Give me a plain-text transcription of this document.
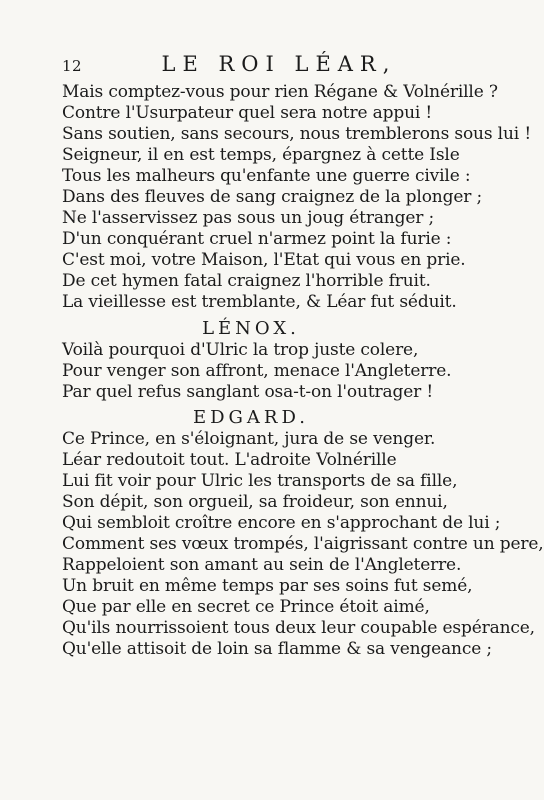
12	LE ROI LÉAR,
Mais comptez-vous pour rien Régane & Volnérille ?
Contre l'Usurpateur quel sera notre appui !
Sans soutien, sans secours, nous tremblerons sous lui !
Seigneur, il en est temps, épargnez à cette Isle
Tous les malheurs qu'enfante une guerre civile :
Dans des fleuves de sang craignez de la plonger ;
Ne l'asservissez pas sous un joug étranger ;
D'un conquérant cruel n'armez point la furie :
C'est moi, votre Maison, l'Etat qui vous en prie.
De cet hymen fatal craignez l'horrible fruit.
La vieillesse est tremblante, & Léar fut séduit.
LÉNOX.
Voilà pourquoi d'Ulric la trop juste colere,
Pour venger son affront, menace l'Angleterre.
Par quel refus sanglant osa-t-on l'outrager !
EDGARD.
Ce Prince, en s'éloignant, jura de se venger.
Léar redoutoit tout. L'adroite Volnérille
Lui fit voir pour Ulric les transports de sa fille,
Son dépit, son orgueil, sa froideur, son ennui,
Qui sembloit croître encore en s'approchant de lui ;
Comment ses vœux trompés, l'aigrissant contre un pere,
Rappeloient son amant au sein de l'Angleterre.
Un bruit en même temps par ses soins fut semé,
Que par elle en secret ce Prince étoit aimé,
Qu'ils nourrissoient tous deux leur coupable espérance,
Qu'elle attisoit de loin sa flamme & sa vengeance ;
